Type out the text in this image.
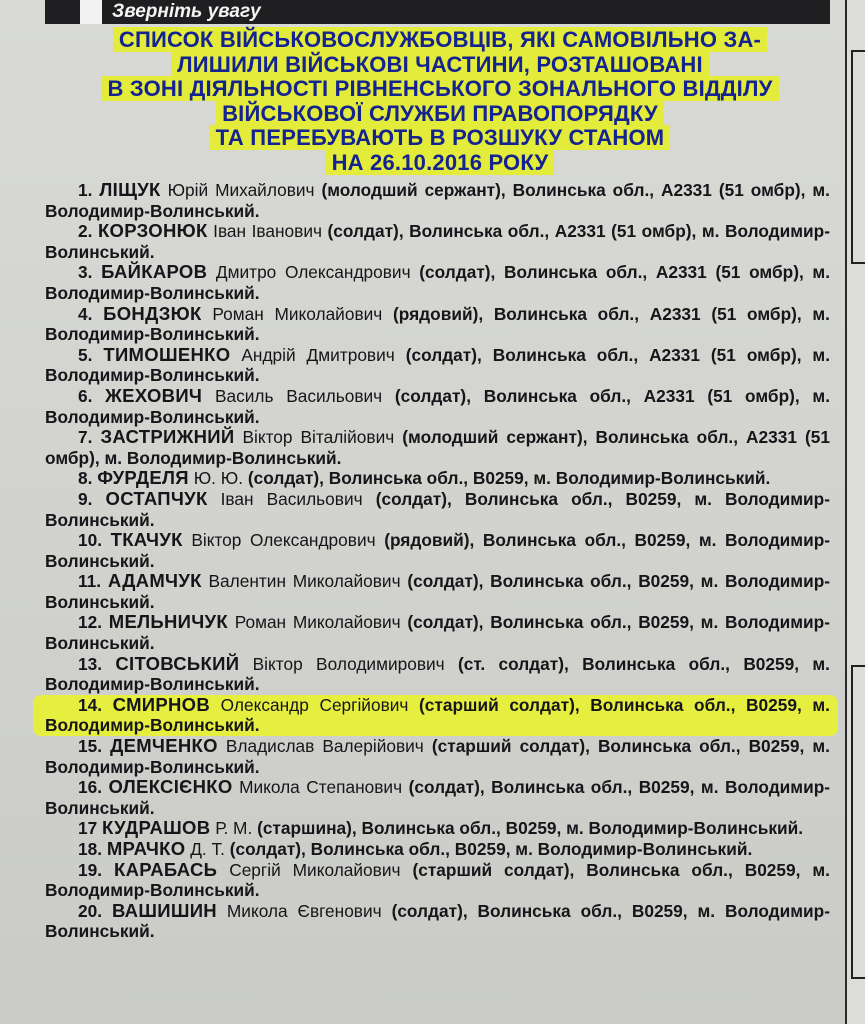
Зверніть увагу
СПИСОК ВІЙСЬКОВОСЛУЖБОВЦІВ, ЯКІ САМОВІЛЬНО ЗА-
ЛИШИЛИ ВІЙСЬКОВІ ЧАСТИНИ, РОЗТАШОВАНІ
В ЗОНІ ДІЯЛЬНОСТІ РІВНЕНСЬКОГО ЗОНАЛЬНОГО ВІДДІЛУ
ВІЙСЬКОВОЇ СЛУЖБИ ПРАВОПОРЯДКУ
ТА ПЕРЕБУВАЮТЬ В РОЗШУКУ СТАНОМ
НА 26.10.2016 РОКУ

1. ЛІЩУК Юрій Михайлович (молодший сержант), Волинська обл., А2331 (51 омбр), м. Володимир-Волинський.

2. КОРЗОНЮК Іван Іванович (солдат), Волинська обл., А2331 (51 омбр), м. Володимир-Волинський.

3. БАЙКАРОВ Дмитро Олександрович (солдат), Волинська обл., А2331 (51 омбр), м. Володимир-Волинський.

4. БОНДЗЮК Роман Миколайович (рядовий), Волинська обл., А2331 (51 омбр), м. Володимир-Волинський.

5. ТИМОШЕНКО Андрій Дмитрович (солдат), Волинська обл., А2331 (51 омбр), м. Володимир-Волинський.

6. ЖЕХОВИЧ Василь Васильович (солдат), Волинська обл., А2331 (51 омбр), м. Володимир-Волинський.

7. ЗАСТРИЖНИЙ Віктор Віталійович (молодший сержант), Волинська обл., А2331 (51 омбр), м. Володимир-Волинський.

8. ФУРДЕЛЯ Ю. Ю. (солдат), Волинська обл., В0259, м. Володимир-Волинський.

9. ОСТАПЧУК Іван Васильович (солдат), Волинська обл., В0259, м. Володимир-Волинський.

10. ТКАЧУК Віктор Олександрович (рядовий), Волинська обл., В0259, м. Володимир-Волинський.

11. АДАМЧУК Валентин Миколайович (солдат), Волинська обл., В0259, м. Володимир-Волинський.

12. МЕЛЬНИЧУК Роман Миколайович (солдат), Волинська обл., В0259, м. Володимир-Волинський.

13. СІТОВСЬКИЙ Віктор Володимирович (ст. солдат), Волинська обл., В0259, м. Володимир-Волинський.

14. СМИРНОВ Олександр Сергійович (старший солдат), Волинська обл., В0259, м. Володимир-Волинський.

15. ДЕМЧЕНКО Владислав Валерійович (старший солдат), Волинська обл., В0259, м. Володимир-Волинський.

16. ОЛЕКСІЄНКО Микола Степанович (солдат), Волинська обл., В0259, м. Володимир-Волинський.

17 КУДРАШОВ Р. М. (старшина), Волинська обл., В0259, м. Володимир-Волинський.

18. МРАЧКО Д. Т. (солдат), Волинська обл., В0259, м. Володимир-Волинський.

19. КАРАБАСЬ Сергій Миколайович (старший солдат), Волинська обл., В0259, м. Володимир-Волинський.

20. ВАШИШИН Микола Євгенович (солдат), Волинська обл., В0259, м. Володимир-Волинський.
